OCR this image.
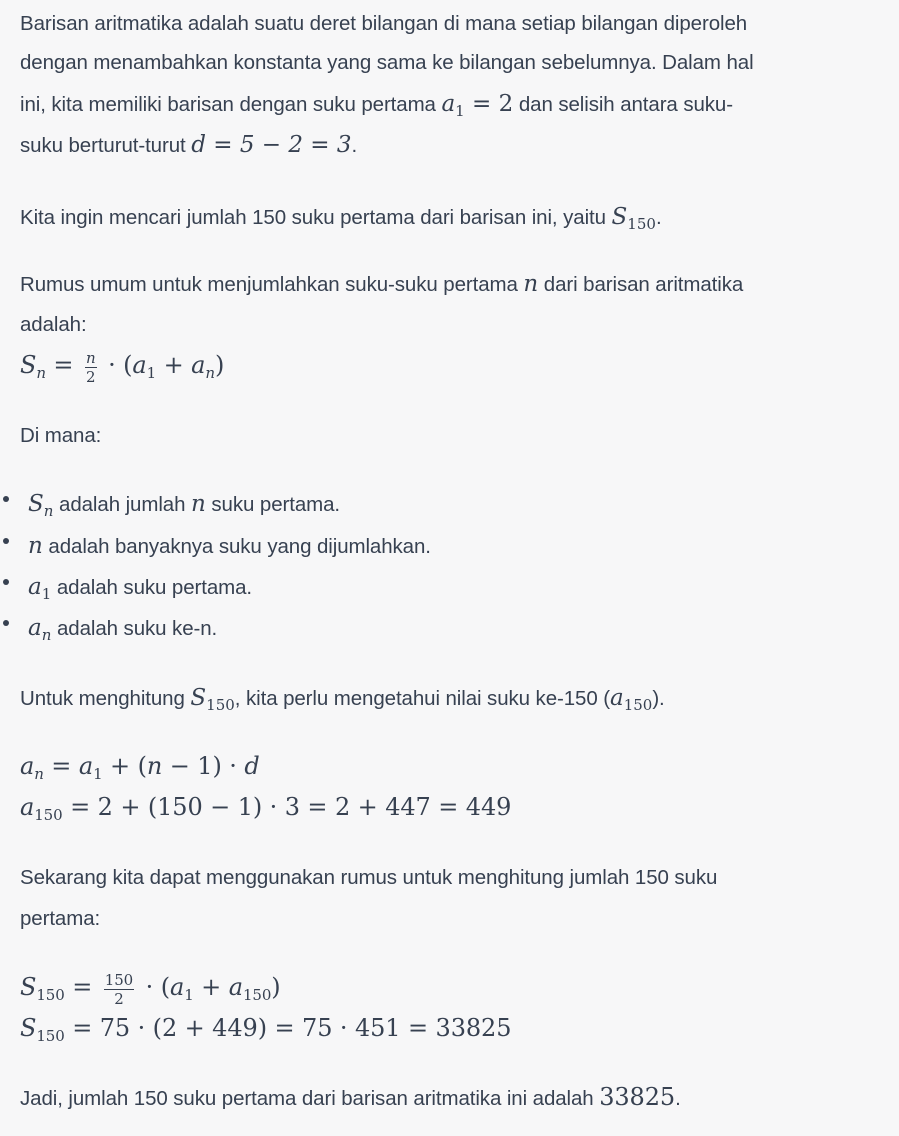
Barisan aritmatika adalah suatu deret bilangan di mana setiap bilangan diperoleh
dengan menambahkan konstanta yang sama ke bilangan sebelumnya. Dalam hal
ini, kita memiliki barisan dengan suku pertama $a_1 = 2$ dan selisih antara suku-
suku berturut-turut d = 5 − 2 = 3.
Kita ingin mencari jumlah 150 suku pertama dari barisan ini, yaitu $S_{150}$.
Rumus umum untuk menjumlahkan suku-suku pertama n dari barisan aritmatika
adalah:
$S_n = \frac{n}{2} \cdot (a_1 + a_n)$
Di mana:
$S_n$ adalah jumlah n suku pertama.
n adalah banyaknya suku yang dijumlahkan.
$a_1$ adalah suku pertama.
$a_n$ adalah suku ke-n.
Untuk menghitung $S_{150}$, kita perlu mengetahui nilai suku ke-150 $(a_{150})$.
$a_n = a_1 + (n - 1) \cdot d$
$a_{150} = 2 + (150 - 1) \cdot 3 = 2 + 447 = 449$
Sekarang kita dapat menggunakan rumus untuk menghitung jumlah 150 suku
pertama:
$S_{150} = \frac{150}{2} \cdot (a_1 + a_{150})$
$S_{150} = 75 \cdot (2 + 449) = 75 \cdot 451 = 33825$
Jadi, jumlah 150 suku pertama dari barisan aritmatika ini adalah 33825.
